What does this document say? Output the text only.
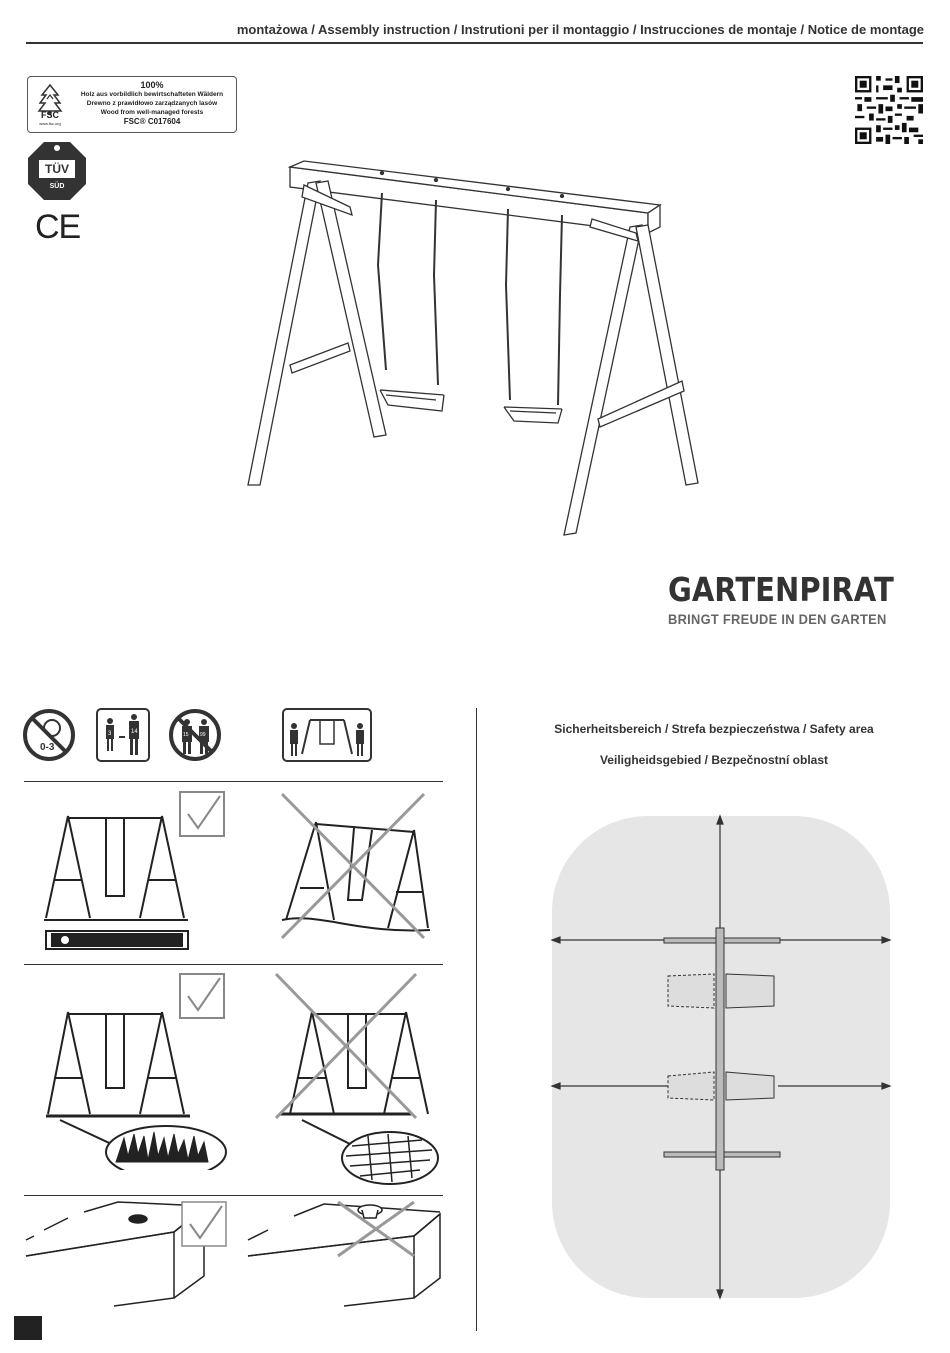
montażowa / Assembly instruction / Instrutioni per il montaggio / Instrucciones de montaje / Notice de montage
FSC
www.fsc.org
100%
Holz aus vorbildlich bewirtschafteten Wäldern
Drewno z prawidłowo zarządzanych lasów
Wood from well-managed forests
FSC® C017604
TÜV
SÜD
CE
GARTENPIRAT
BRINGT FREUDE IN DEN GARTEN
0-3
3	14	15 99	Sicherheitsbereich / Strefa bezpieczeństwa / Safety area
Veiligheidsgebied / Bezpečnostní oblast
